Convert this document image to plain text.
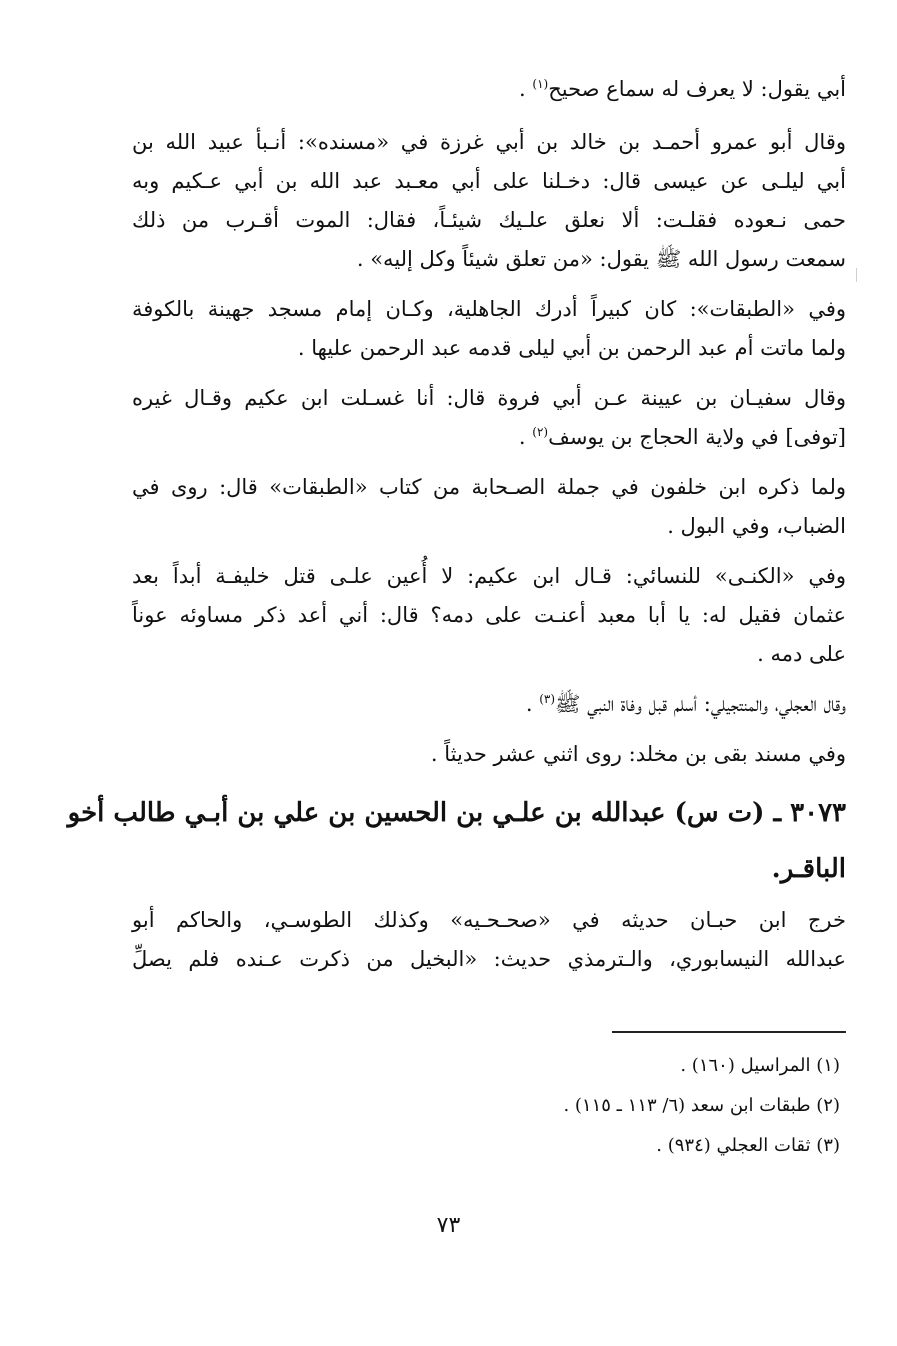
أبي يقول: لا يعرف له سماع صحيح$^{(١)}$ .
وقال أبو عمرو أحمـد بن خالد بن أبي غرزة في «مسنده»: أنـبأ عبيد الله بن
أبي ليلـى عن عيسى قال: دخـلنا على أبي معـبد عبد الله بن أبي عـكيم وبه
حمى نـعوده فقلـت: ألا نعلق علـيك شيئـاً، فقال: الموت أقـرب من ذلك
سمعت رسول الله ﷺ يقول: «من تعلق شيئاً وكل إليه» .
وفي «الطبقات»: كان كبيراً أدرك الجاهلية، وكـان إمام مسجد جهينة بالكوفة
ولما ماتت أم عبد الرحمن بن أبي ليلى قدمه عبد الرحمن عليها .
وقال سفيـان بن عيينة عـن أبي فروة قال: أنا غسـلت ابن عكيم وقـال غيره
[توفى] في ولاية الحجاج بن يوسف$^{(٢)}$ .
ولما ذكره ابن خلفون في جملة الصـحابة من كتاب «الطبقات» قال: روى في
الضباب، وفي البول .
وفي «الكنـى» للنسائي: قـال ابن عكيم: لا أُعين علـى قتل خليفـة أبداً بعد
عثمان فقيل له: يا أبا معبد أعنـت على دمه؟ قال: أني أعد ذكر مساوئه عوناً
على دمه .
وقال العجلي، والمنتجيلي: أسلم قبل وفاة النبي ﷺ$^{(٣)}$ .
وفي مسند بقى بن مخلد: روى اثني عشر حديثاً .
٣٠٧٣ ـ (ت س) عبدالله بن علـي بن الحسين بن علي بن أبـي طالب أخو
الباقـر.
خرج ابن حبـان حديثه في «صحـحـيه» وكذلك الطوسـي، والحاكم أبو
عبدالله النيسابوري، والـترمذي حديث: «البخيل من ذكرت عـنده فلم يصلِّ
(١) المراسيل (١٦٠) .
(٢) طبقات ابن سعد (٦/ ١١٣ ـ ١١٥) .
(٣) ثقات العجلي (٩٣٤) .
٧٣
